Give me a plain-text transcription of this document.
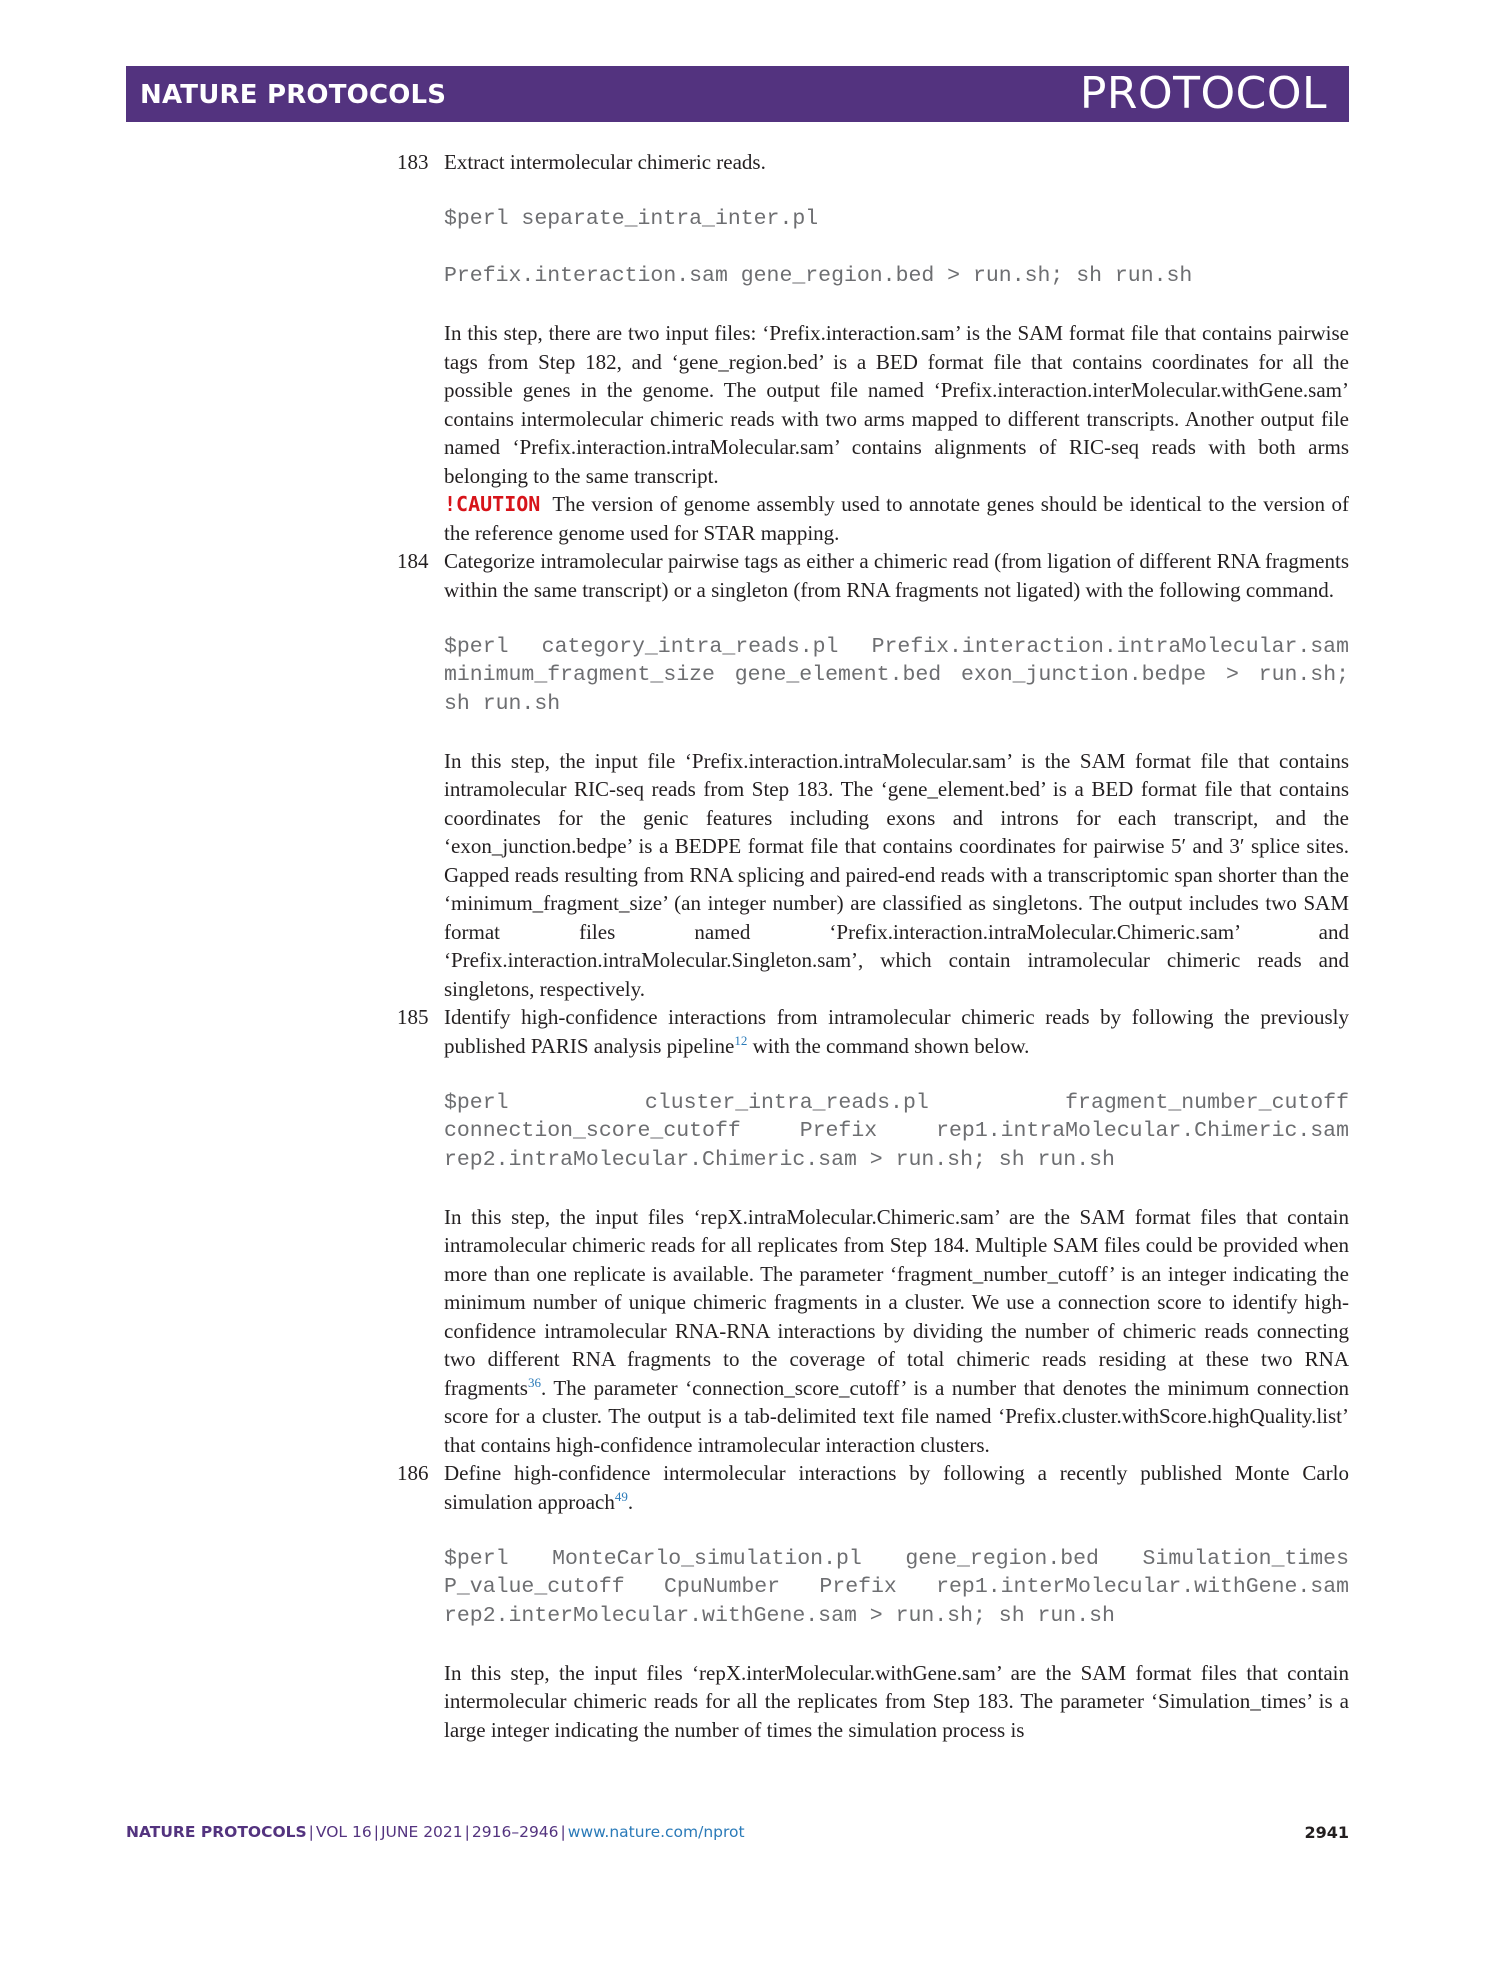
NATURE PROTOCOLS	PROTOCOL
183 Extract intermolecular chimeric reads.

$perl separate_intra_inter.pl

Prefix.interaction.sam gene_region.bed > run.sh; sh run.sh

In this step, there are two input files: ‘Prefix.interaction.sam’ is the SAM format file that contains pairwise tags from Step 182, and ‘gene_region.bed’ is a BED format file that contains coordinates for all the possible genes in the genome. The output file named ‘Prefix.interaction.interMolecular.withGene.sam’ contains intermolecular chimeric reads with two arms mapped to different transcripts. Another output file named ‘Prefix.interaction.intraMolecular.sam’ contains alignments of RIC-seq reads with both arms belonging to the same transcript.

!CAUTION The version of genome assembly used to annotate genes should be identical to the version of the reference genome used for STAR mapping.

184 Categorize intramolecular pairwise tags as either a chimeric read (from ligation of different RNA fragments within the same transcript) or a singleton (from RNA fragments not ligated) with the following command.

$perl category_intra_reads.pl Prefix.interaction.intraMolecular.sam minimum_fragment_size gene_element.bed exon_junction.bedpe > run.sh; sh run.sh

In this step, the input file ‘Prefix.interaction.intraMolecular.sam’ is the SAM format file that contains intramolecular RIC-seq reads from Step 183. The ‘gene_element.bed’ is a BED format file that contains coordinates for the genic features including exons and introns for each transcript, and the ‘exon_junction.bedpe’ is a BEDPE format file that contains coordinates for pairwise 5′ and 3′ splice sites. Gapped reads resulting from RNA splicing and paired-end reads with a transcriptomic span shorter than the ‘minimum_fragment_size’ (an integer number) are classified as singletons. The output includes two SAM format files named ‘Prefix.interaction.intraMolecular.Chimeric.sam’ and ‘Prefix.interaction.intraMolecular.Singleton.sam’, which contain intramolecular chimeric reads and singletons, respectively.

185 Identify high-confidence interactions from intramolecular chimeric reads by following the previously published PARIS analysis pipeline$^{12}$ with the command shown below.

$perl cluster_intra_reads.pl fragment_number_cutoff connection_score_cutoff Prefix rep1.intraMolecular.Chimeric.sam rep2.intraMolecular.Chimeric.sam > run.sh; sh run.sh

In this step, the input files ‘repX.intraMolecular.Chimeric.sam’ are the SAM format files that contain intramolecular chimeric reads for all replicates from Step 184. Multiple SAM files could be provided when more than one replicate is available. The parameter ‘fragment_number_cutoff’ is an integer indicating the minimum number of unique chimeric fragments in a cluster. We use a connection score to identify high-confidence intramolecular RNA-RNA interactions by dividing the number of chimeric reads connecting two different RNA fragments to the coverage of total chimeric reads residing at these two RNA fragments$^{36}$. The parameter ‘connection_score_cutoff’ is a number that denotes the minimum connection score for a cluster. The output is a tab-delimited text file named ‘Prefix.cluster.withScore.highQuality.list’ that contains high-confidence intramolecular interaction clusters.

186 Define high-confidence intermolecular interactions by following a recently published Monte Carlo simulation approach$^{49}$.

$perl MonteCarlo_simulation.pl gene_region.bed Simulation_times P_value_cutoff CpuNumber Prefix rep1.interMolecular.withGene.sam rep2.interMolecular.withGene.sam > run.sh; sh run.sh

In this step, the input files ‘repX.interMolecular.withGene.sam’ are the SAM format files that contain intermolecular chimeric reads for all the replicates from Step 183. The parameter ‘Simulation_times’ is a large integer indicating the number of times the simulation process is

NATURE PROTOCOLS | VOL 16 | JUNE 2021 | 2916–2946 | www.nature.com/nprot	2941
